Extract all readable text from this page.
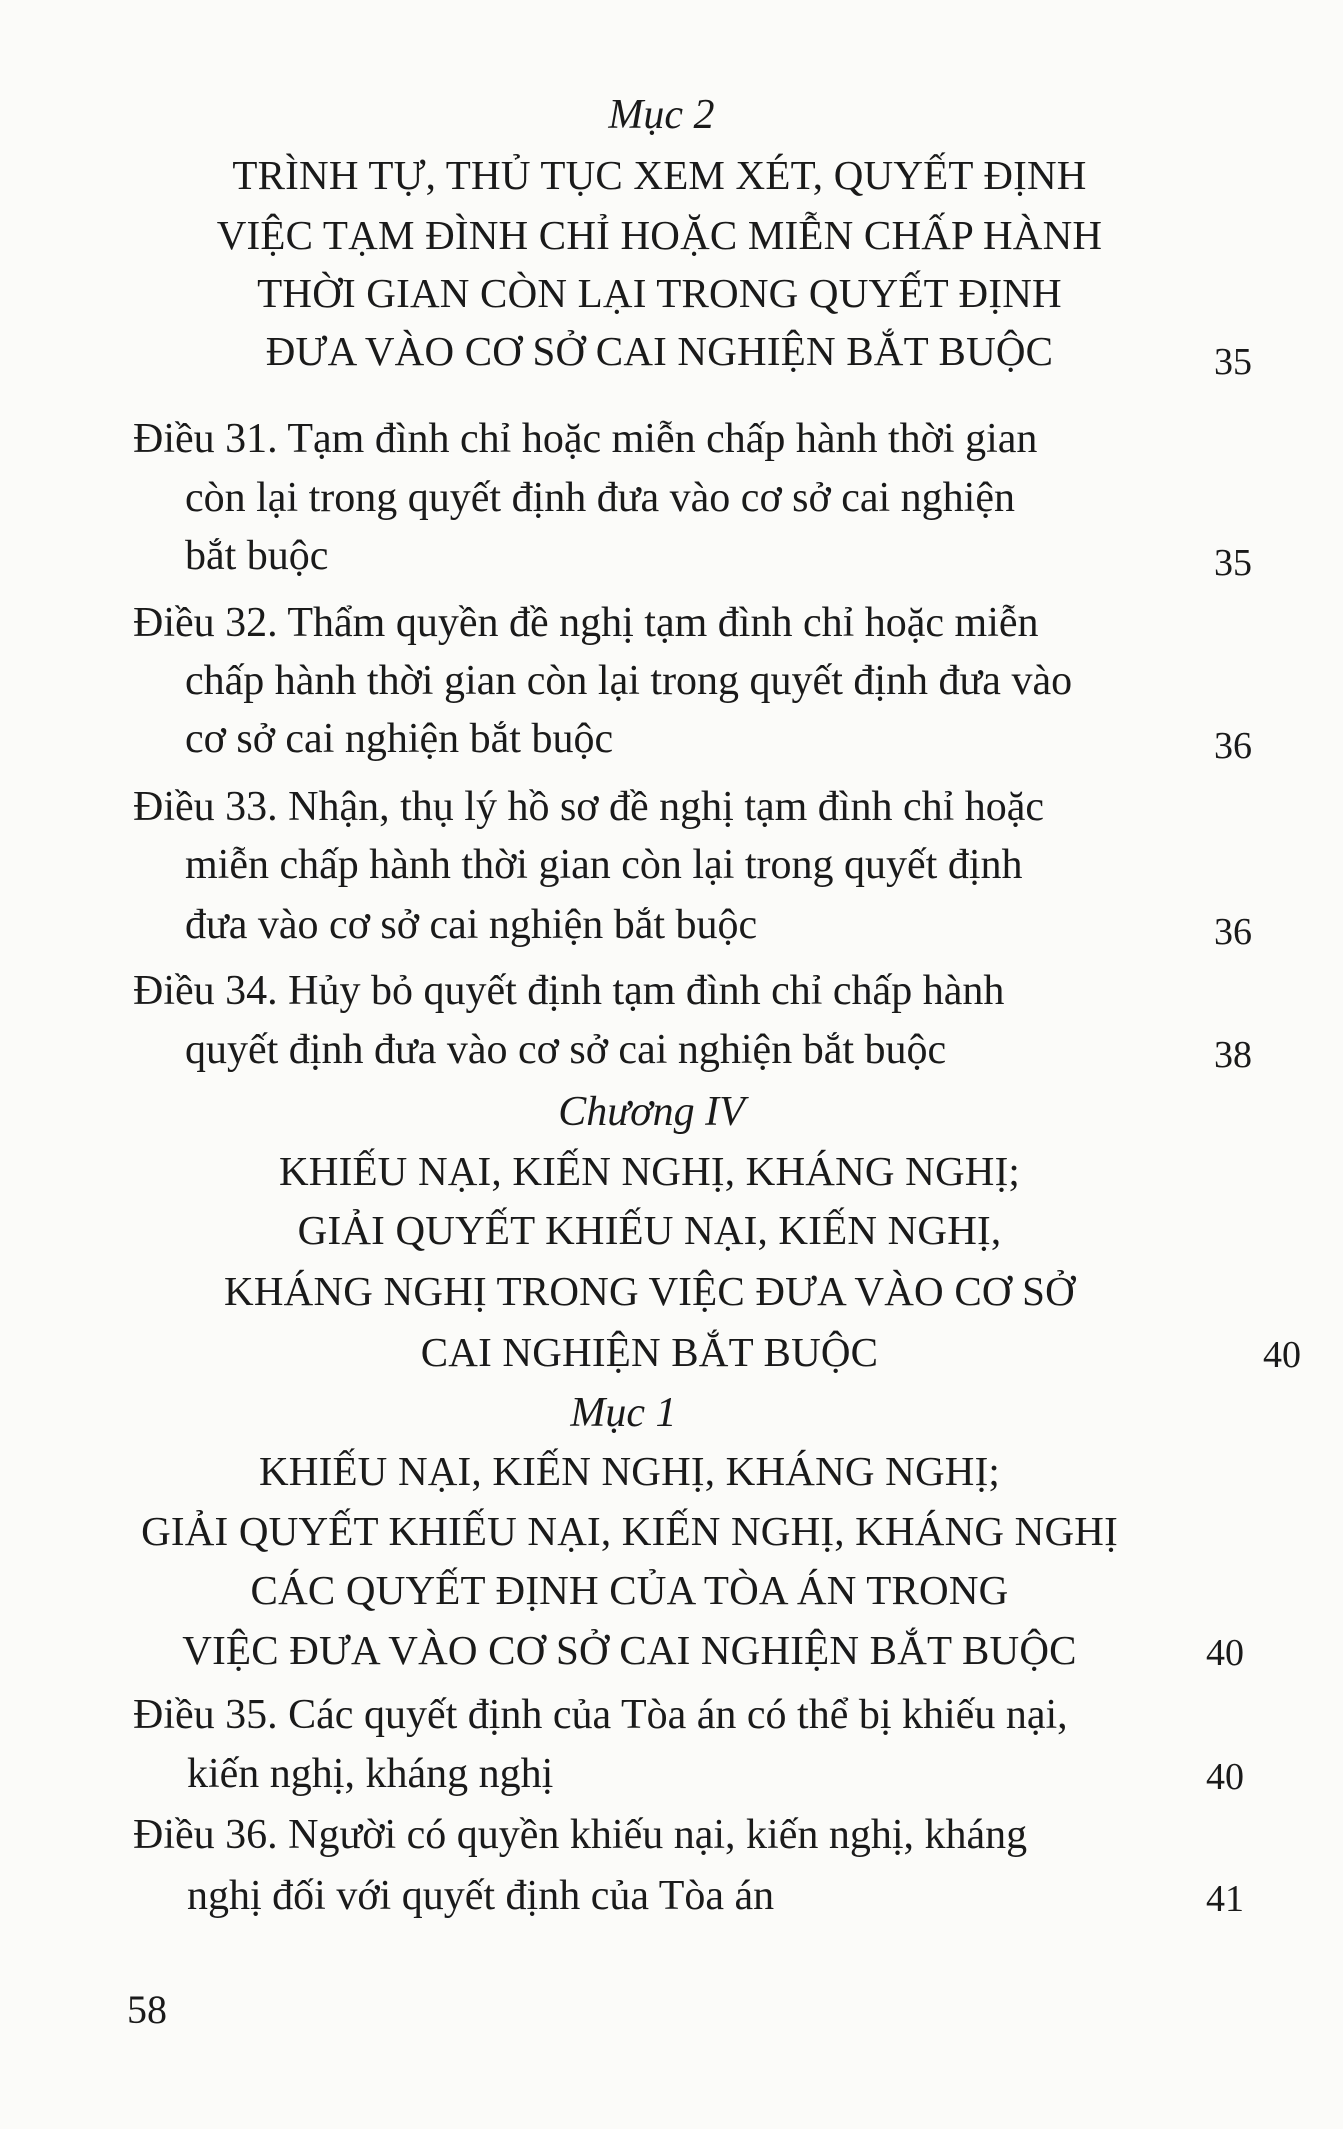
Mục 2
TRÌNH TỰ, THỦ TỤC XEM XÉT, QUYẾT ĐỊNH
VIỆC TẠM ĐÌNH CHỈ HOẶC MIỄN CHẤP HÀNH
THỜI GIAN CÒN LẠI TRONG QUYẾT ĐỊNH
ĐƯA VÀO CƠ SỞ CAI NGHIỆN BẮT BUỘC	35
Điều 31. Tạm đình chỉ hoặc miễn chấp hành thời gian
còn lại trong quyết định đưa vào cơ sở cai nghiện
bắt buộc	35
Điều 32. Thẩm quyền đề nghị tạm đình chỉ hoặc miễn
chấp hành thời gian còn lại trong quyết định đưa vào
cơ sở cai nghiện bắt buộc	36
Điều 33. Nhận, thụ lý hồ sơ đề nghị tạm đình chỉ hoặc
miễn chấp hành thời gian còn lại trong quyết định
đưa vào cơ sở cai nghiện bắt buộc	36
Điều 34. Hủy bỏ quyết định tạm đình chỉ chấp hành
quyết định đưa vào cơ sở cai nghiện bắt buộc	38
Chương IV
KHIẾU NẠI, KIẾN NGHỊ, KHÁNG NGHỊ;
GIẢI QUYẾT KHIẾU NẠI, KIẾN NGHỊ,
KHÁNG NGHỊ TRONG VIỆC ĐƯA VÀO CƠ SỞ
CAI NGHIỆN BẮT BUỘC	40
Mục 1
KHIẾU NẠI, KIẾN NGHỊ, KHÁNG NGHỊ;
GIẢI QUYẾT KHIẾU NẠI, KIẾN NGHỊ, KHÁNG NGHỊ
CÁC QUYẾT ĐỊNH CỦA TÒA ÁN TRONG
VIỆC ĐƯA VÀO CƠ SỞ CAI NGHIỆN BẮT BUỘC	40
Điều 35. Các quyết định của Tòa án có thể bị khiếu nại,
kiến nghị, kháng nghị	40
Điều 36. Người có quyền khiếu nại, kiến nghị, kháng
nghị đối với quyết định của Tòa án	41
58
